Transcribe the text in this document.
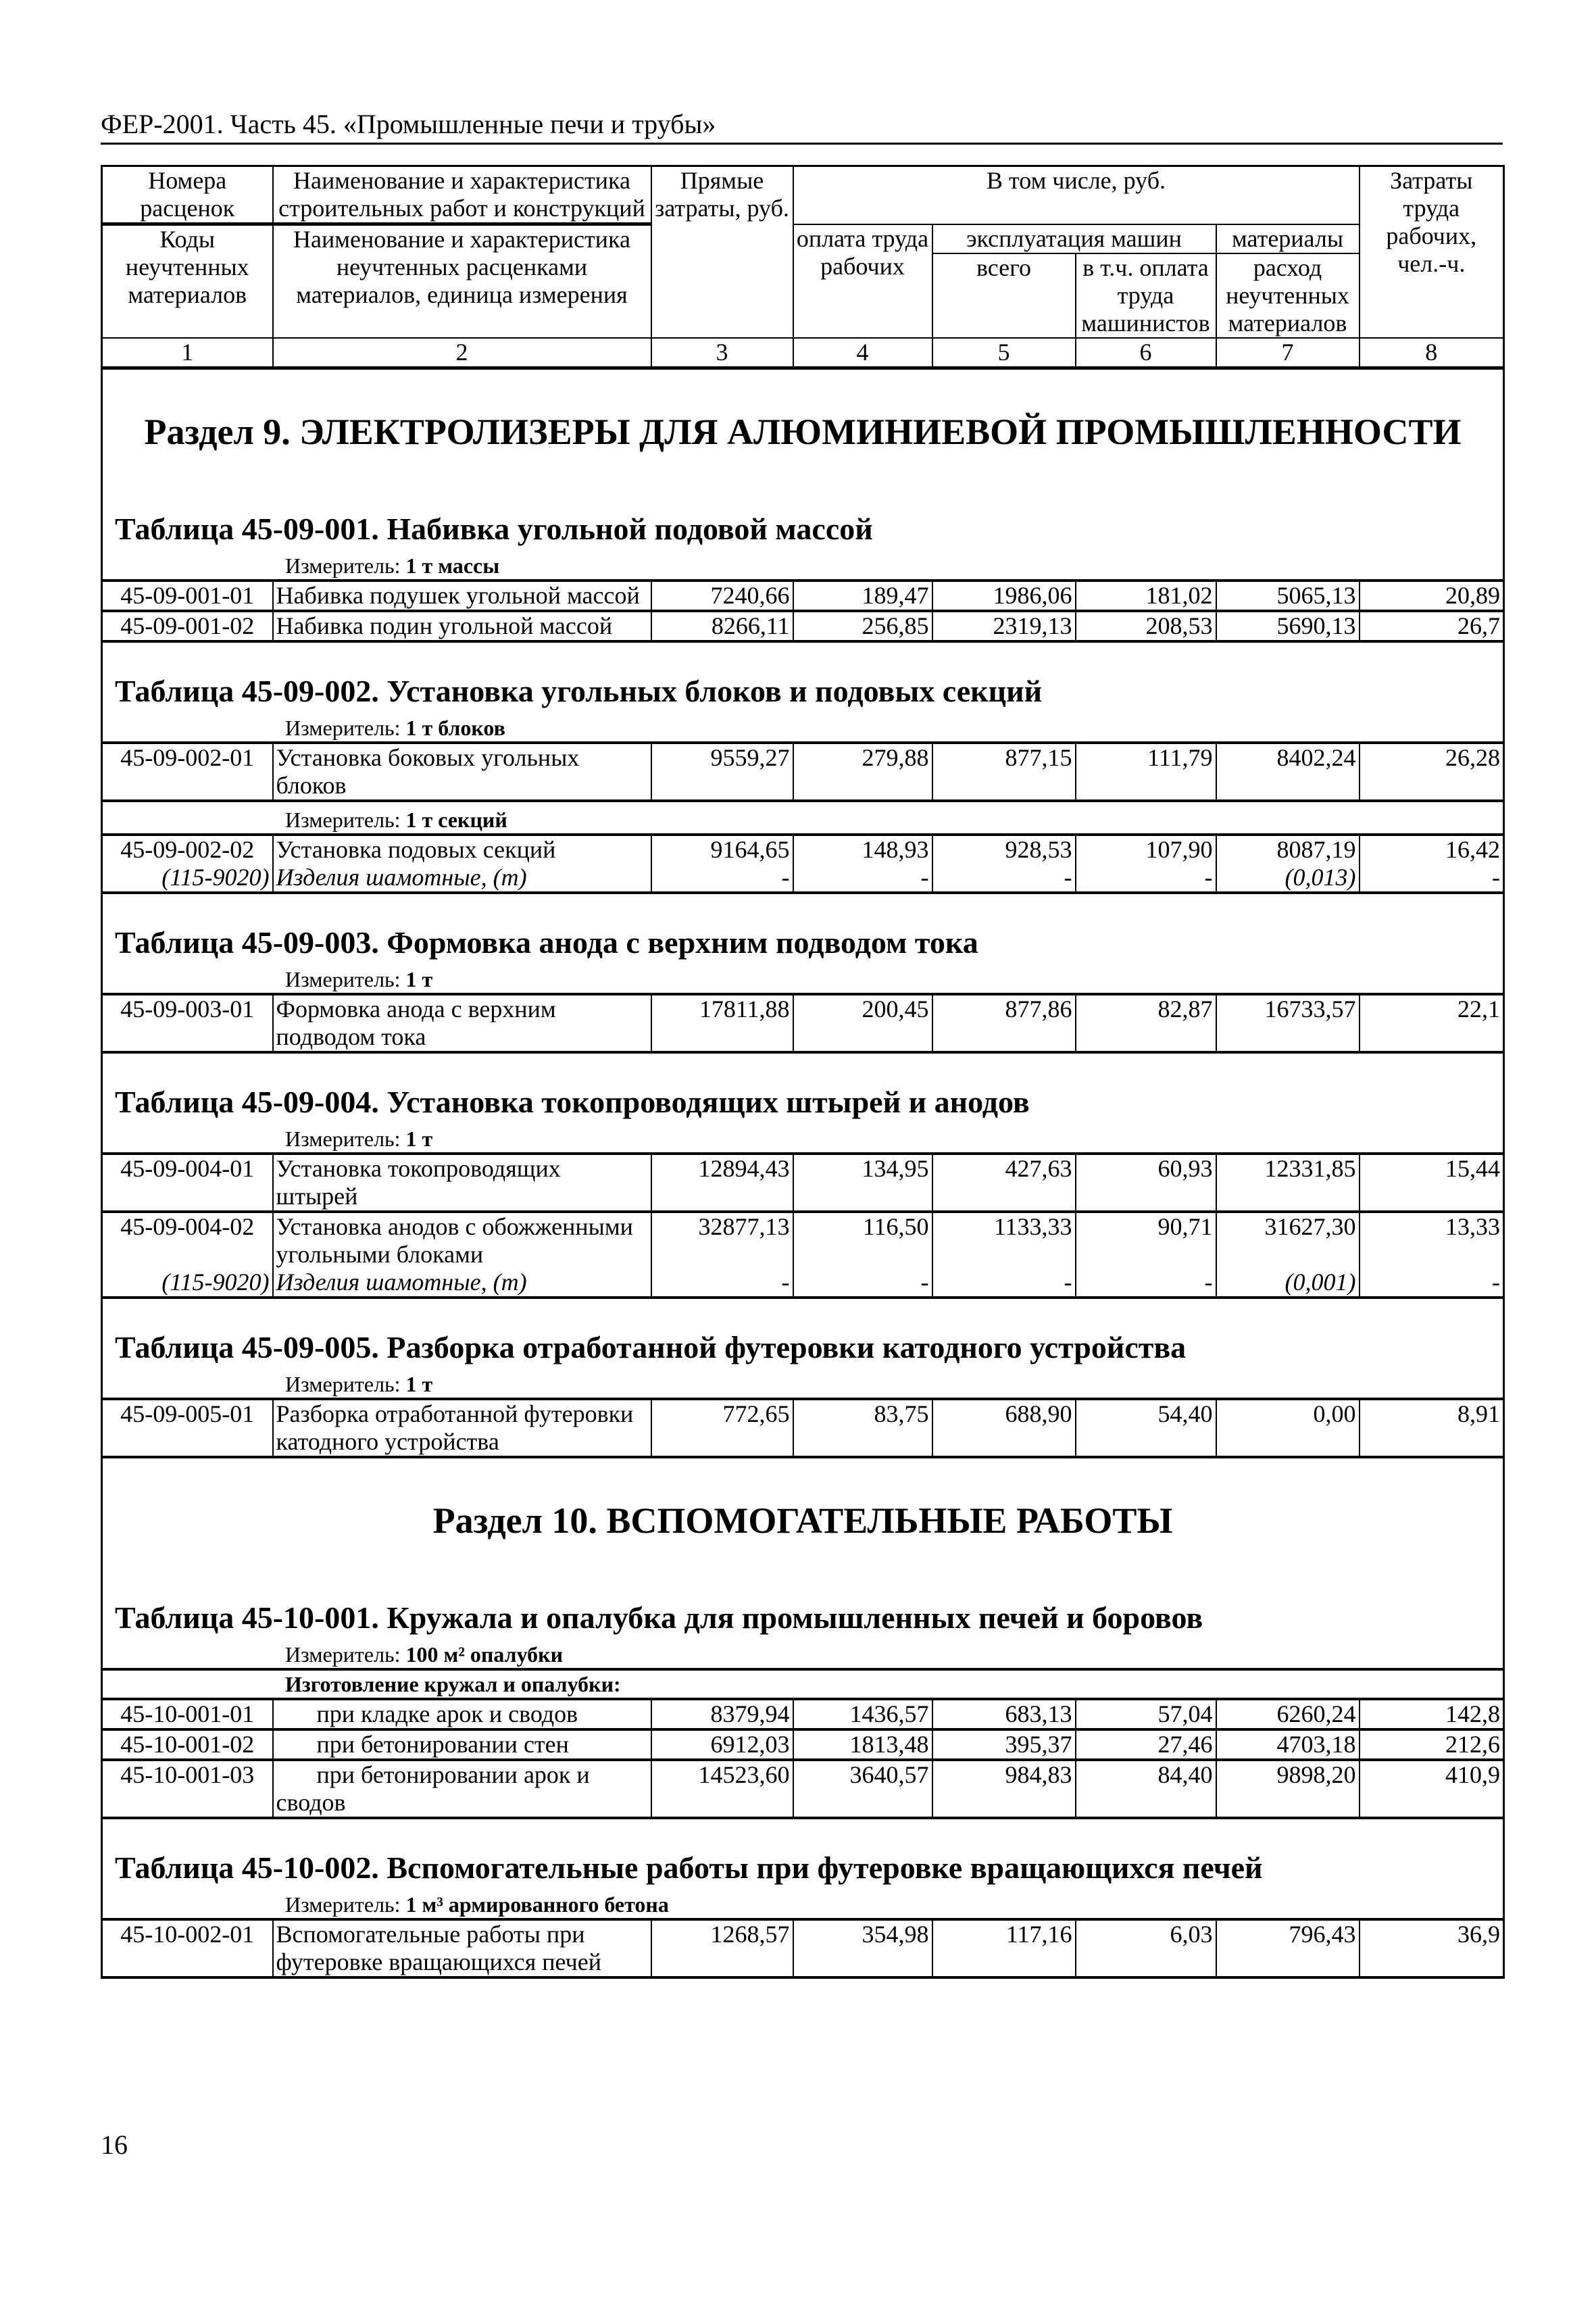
ФЕР-2001. Часть 45. «Промышленные печи и трубы»
Номера расценок	Наименование и характеристика строительных работ и конструкций	Прямые затраты, руб.	В том числе, руб.				Затраты труда рабочих, чел.-ч.
Коды неучтенных материалов	Наименование и характеристика неучтенных расценками материалов, единица измерения		оплата труда рабочих	эксплуатация машин		материалы	
				всего	в т.ч. оплата труда машинистов	расход неучтенных материалов	
1	2	3	4	5	6	7	8
Раздел 9. ЭЛЕКТРОЛИЗЕРЫ ДЛЯ АЛЮМИНИЕВОЙ ПРОМЫШЛЕННОСТИ							
Таблица 45-09-001. Набивка угольной подовой массой							
Измеритель: 1 т массы							
45-09-001-01	Набивка подушек угольной массой	7240,66	189,47	1986,06	181,02	5065,13	20,89
45-09-001-02	Набивка подин угольной массой	8266,11	256,85	2319,13	208,53	5690,13	26,7
Таблица 45-09-002. Установка угольных блоков и подовых секций							
Измеритель: 1 т блоков							
45-09-002-01	Установка боковых угольных блоков	9559,27	279,88	877,15	111,79	8402,24	26,28
Измеритель: 1 т секций							
45-09-002-02	Установка подовых секций	9164,65	148,93	928,53	107,90	8087,19	16,42
(115-9020)	Изделия шамотные, (т)	-	-	-	-	(0,013)	-
Таблица 45-09-003. Формовка анода с верхним подводом тока							
Измеритель: 1 т							
45-09-003-01	Формовка анода с верхним подводом тока	17811,88	200,45	877,86	82,87	16733,57	22,1
Таблица 45-09-004. Установка токопроводящих штырей и анодов							
Измеритель: 1 т							
45-09-004-01	Установка токопроводящих штырей	12894,43	134,95	427,63	60,93	12331,85	15,44
45-09-004-02	Установка анодов с обожженными угольными блоками	32877,13	116,50	1133,33	90,71	31627,30	13,33
(115-9020)	Изделия шамотные, (т)	-	-	-	-	(0,001)	-
Таблица 45-09-005. Разборка отработанной футеровки катодного устройства							
Измеритель: 1 т							
45-09-005-01	Разборка отработанной футеровки катодного устройства	772,65	83,75	688,90	54,40	0,00	8,91
Раздел 10. ВСПОМОГАТЕЛЬНЫЕ РАБОТЫ							
Таблица 45-10-001. Кружала и опалубка для промышленных печей и боровов							
Измеритель: 100 м² опалубки							
Изготовление кружал и опалубки:							
45-10-001-01	при кладке арок и сводов	8379,94	1436,57	683,13	57,04	6260,24	142,8
45-10-001-02	при бетонировании стен	6912,03	1813,48	395,37	27,46	4703,18	212,6
45-10-001-03	при бетонировании арок и сводов	14523,60	3640,57	984,83	84,40	9898,20	410,9
Таблица 45-10-002. Вспомогательные работы при футеровке вращающихся печей							
Измеритель: 1 м³ армированного бетона							
45-10-002-01	Вспомогательные работы при футеровке вращающихся печей	1268,57	354,98	117,16	6,03	796,43	36,9
16
